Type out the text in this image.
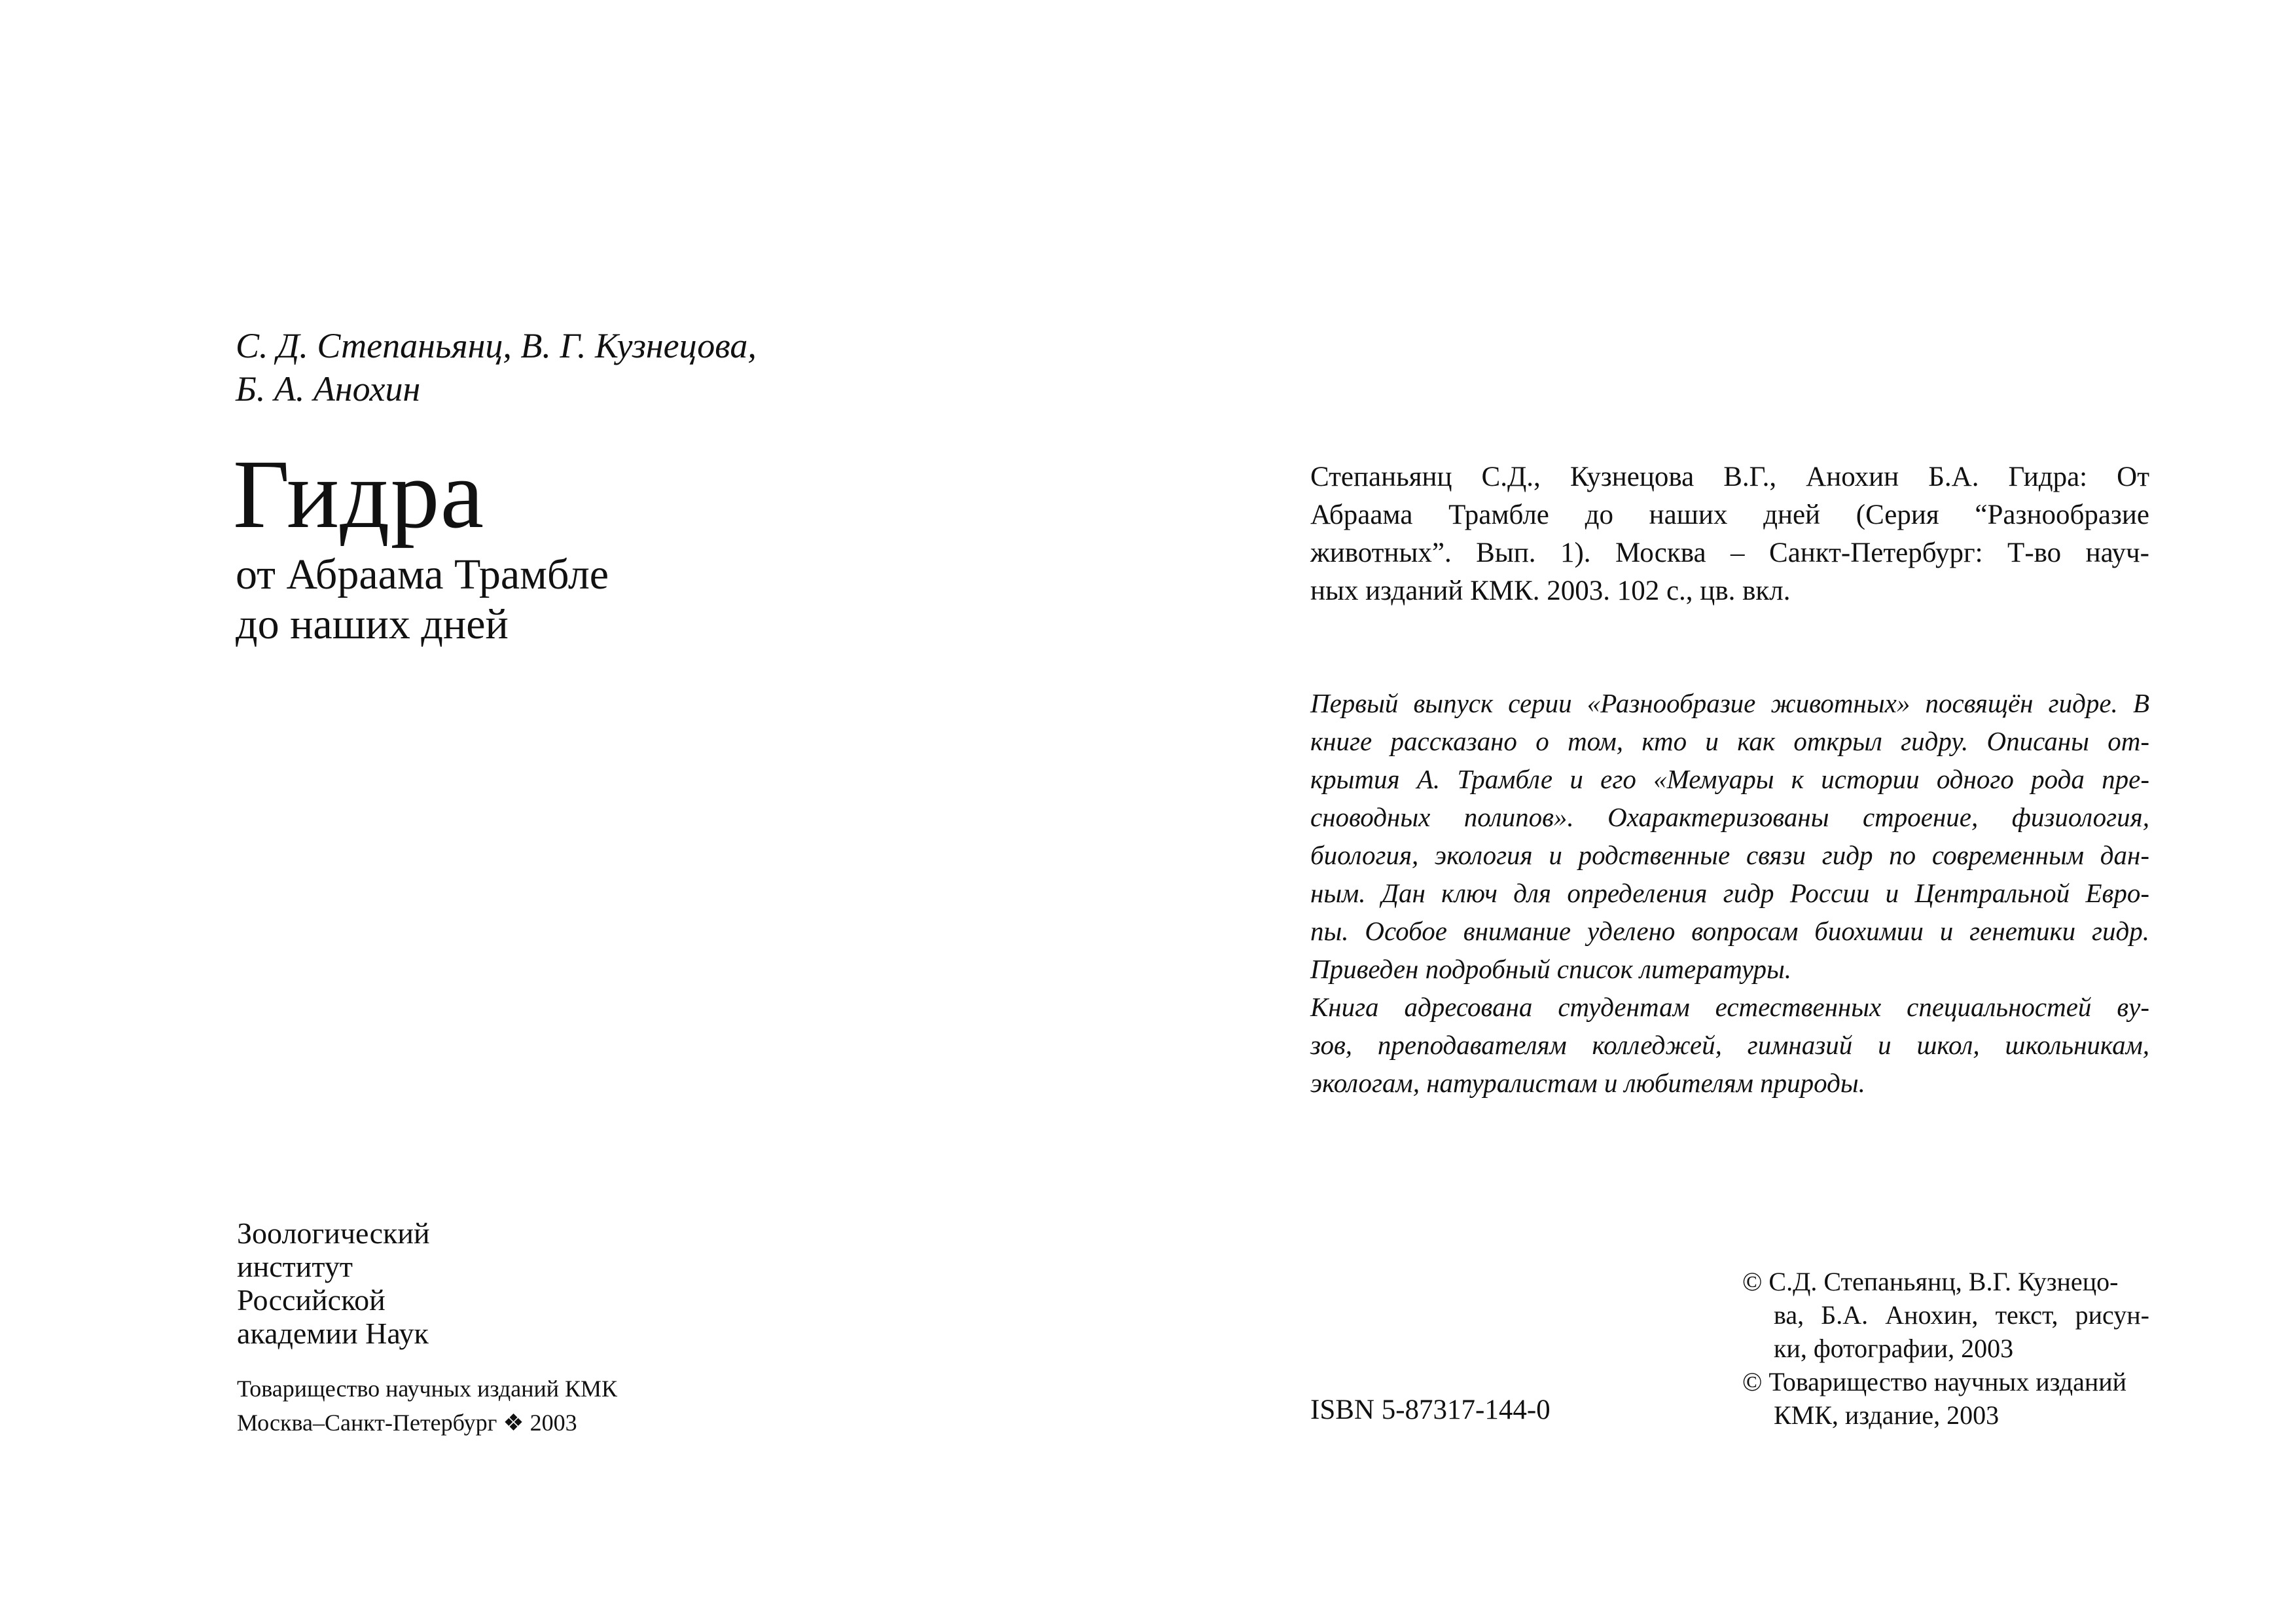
С. Д. Степаньянц, В. Г. Кузнецова,
Б. А. Анохин
Гидра
от Абраама Трамбле
до наших дней
Зоологический
институт
Российской
академии Наук
Товарищество научных изданий КМК
Москва–Санкт-Петербург ❖ 2003
Степаньянц С.Д., Кузнецова В.Г., Анохин Б.А. Гидра: От
Абраама Трамбле до наших дней (Серия “Разнообразие
животных”. Вып. 1). Москва – Санкт-Петербург: Т-во науч-
ных изданий КМК. 2003. 102 с., цв. вкл.
Первый выпуск серии «Разнообразие животных» посвящён гидре. В
книге рассказано о том, кто и как открыл гидру. Описаны от-
крытия А. Трамбле и его «Мемуары к истории одного рода пре-
сноводных полипов». Охарактеризованы строение, физиология,
биология, экология и родственные связи гидр по современным дан-
ным. Дан ключ для определения гидр России и Центральной Евро-
пы. Особое внимание уделено вопросам биохимии и генетики гидр.
Приведен подробный список литературы.
Книга адресована студентам естественных специальностей ву-
зов, преподавателям колледжей, гимназий и школ, школьникам,
экологам, натуралистам и любителям природы.
ISBN 5-87317-144-0
© С.Д. Степаньянц, В.Г. Кузнецо-
ва, Б.А. Анохин, текст, рисун-
ки, фотографии, 2003
© Товарищество научных изданий
КМК, издание, 2003
